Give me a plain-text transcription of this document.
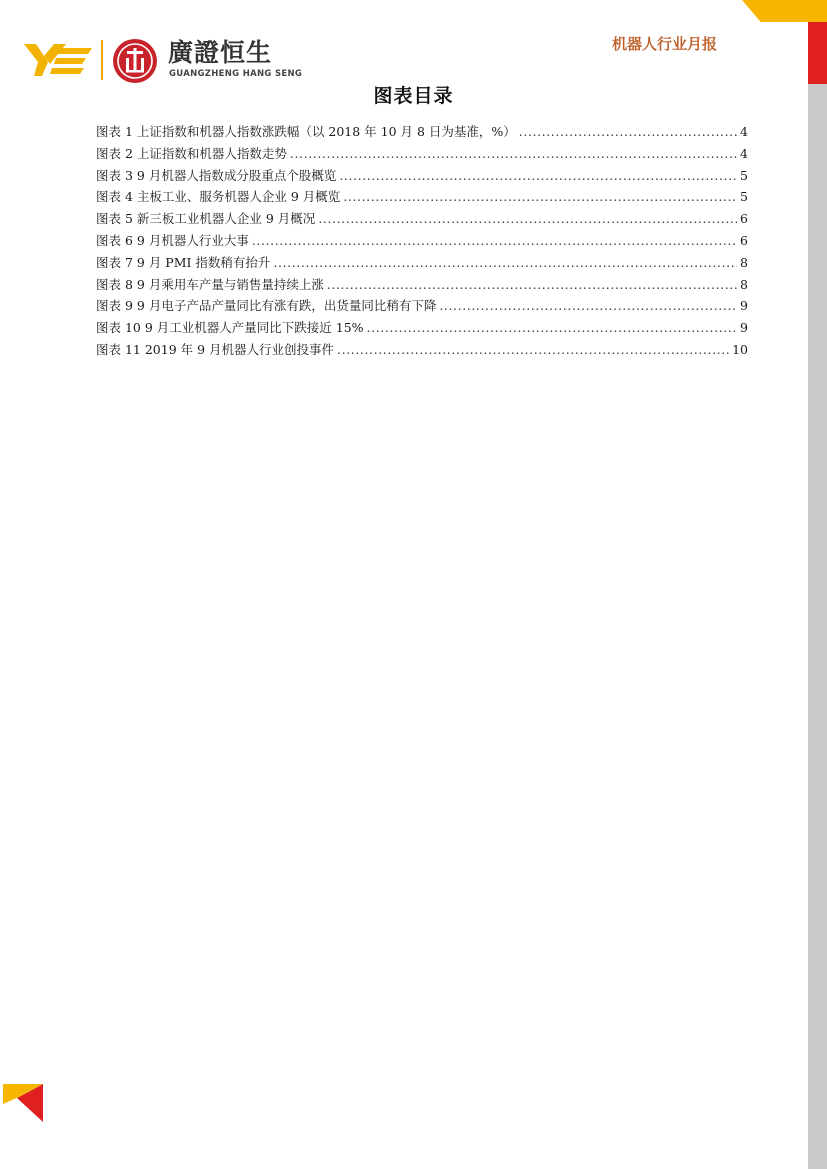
廣證恒生
GUANGZHENG HANG SENG
机器人行业月报
图表目录
图表 1 上证指数和机器人指数涨跌幅（以 2018 年 10 月 8 日为基准，%） .....	4
图表 2 上证指数和机器人指数走势 .....	4
图表 3 9 月机器人指数成分股重点个股概览 .....	5
图表 4 主板工业、服务机器人企业 9 月概览 .....	5
图表 5 新三板工业机器人企业 9 月概况 .....	6
图表 6 9 月机器人行业大事 .....	6
图表 7 9 月 PMI 指数稍有抬升 .....	8
图表 8 9 月乘用车产量与销售量持续上涨 .....	8
图表 9 9 月电子产品产量同比有涨有跌，出货量同比稍有下降 .....	9
图表 10 9 月工业机器人产量同比下跌接近 15% .....	9
图表 11 2019 年 9 月机器人行业创投事件 .....	10
